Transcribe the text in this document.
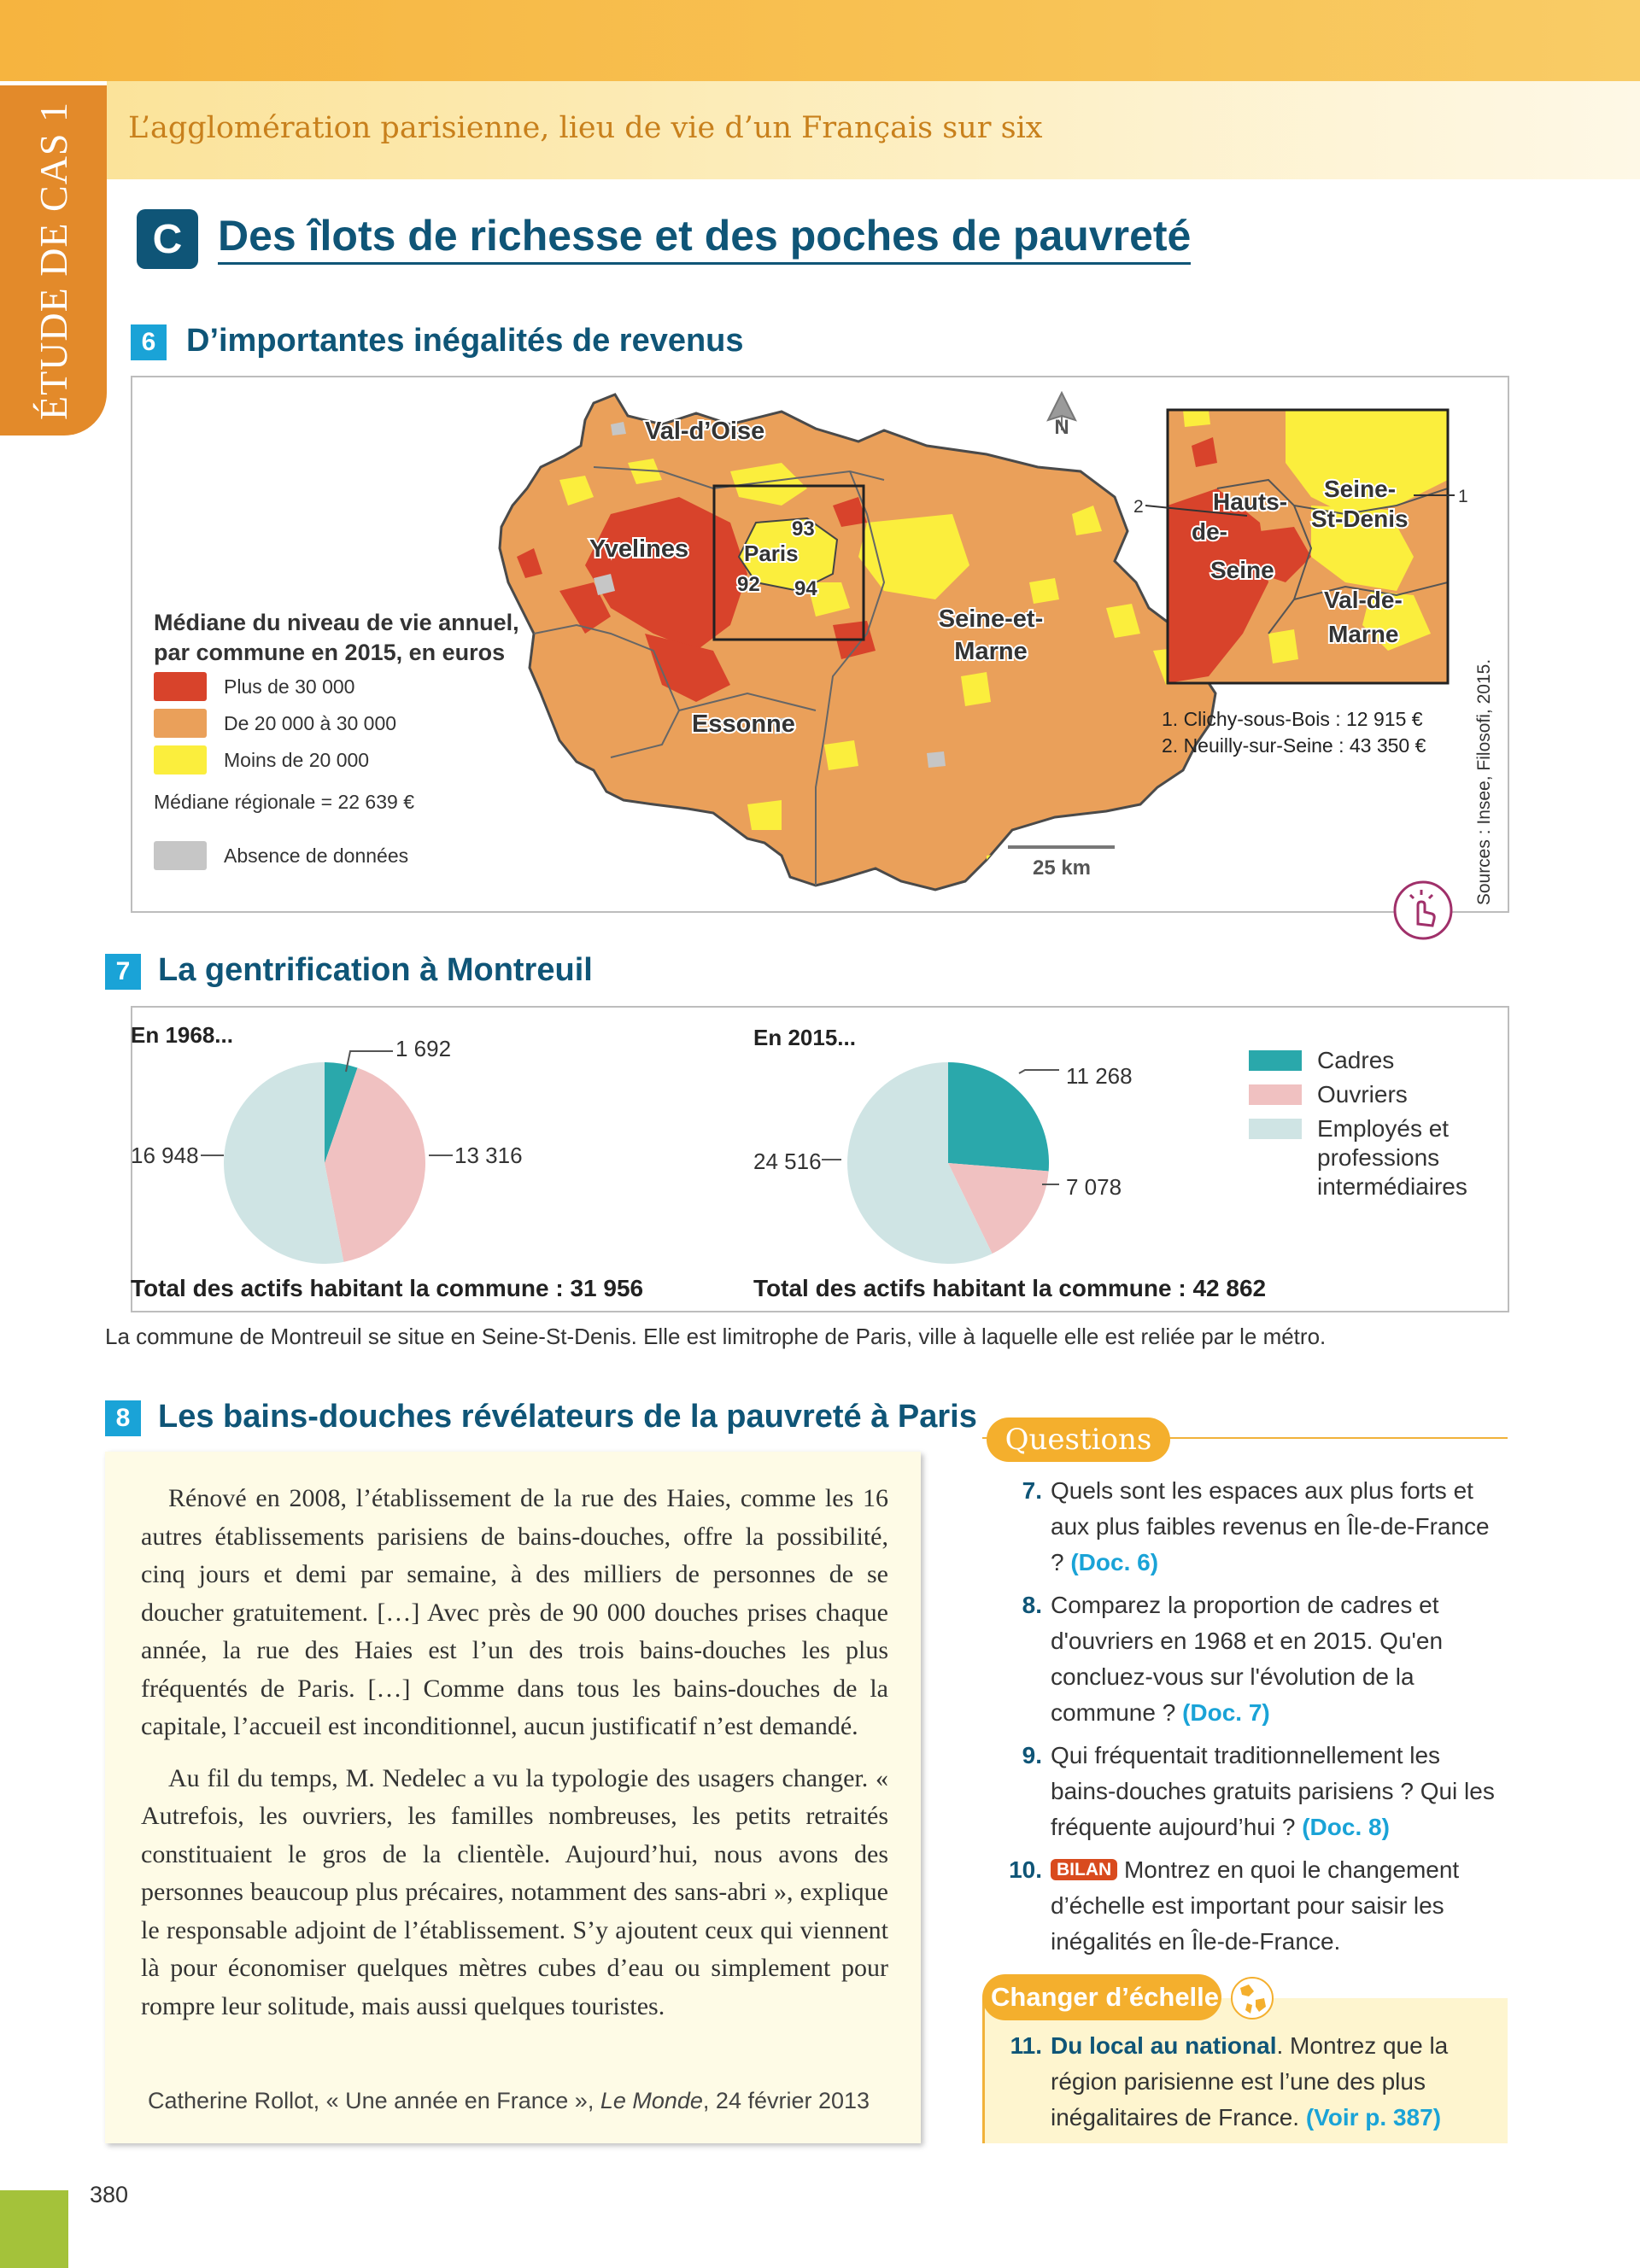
ÉTUDE DE CAS 1 L’agglomération parisienne, lieu de vie d’un Français sur six
C Des îlots de richesse et des poches de pauvreté
6 D’importantes inégalités de revenus
Val-d’Oise
Yvelines Paris
93
92 94
Seine-et-
Marne
Essonne
N
25 km
Hauts-
de-
Seine
Seine-
St-Denis
Val-de-
Marne
2
1
Médiane du niveau de vie annuel,
par commune en 2015, en euros
Plus de 30 000
De 20 000 à 30 000
Moins de 20 000
Médiane régionale = 22 639 €
Absence de données
1. Clichy-sous-Bois : 12 915 €
2. Neuilly-sur-Seine : 43 350 €	Sources : Insee, Filosofi, 2015.
7 La gentrification à Montreuil
En 1968...	En 2015...
1 692
13 316
16 948
11 268
7 078
24 516
Total des actifs habitant la commune : 31 956	Total des actifs habitant la commune : 42 862
Cadres
Ouvriers
Employés et professions intermédiaires
La commune de Montreuil se situe en Seine-St-Denis. Elle est limitrophe de Paris, ville à laquelle elle est reliée par le métro.
8 Les bains-douches révélateurs de la pauvreté à Paris

Rénové en 2008, l’établissement de la rue des Haies, comme les 16 autres établissements parisiens de bains-douches, offre la possibilité, cinq jours et demi par semaine, à des milliers de personnes de se doucher gratuitement. […] Avec près de 90 000 douches prises chaque année, la rue des Haies est l’un des trois bains-douches les plus fréquentés de Paris. […] Comme dans tous les bains-douches de la capitale, l’accueil est inconditionnel, aucun justificatif n’est demandé.

Au fil du temps, M. Nedelec a vu la typologie des usagers changer. « Autrefois, les ouvriers, les familles nombreuses, les petits retraités constituaient le gros de la clientèle. Aujourd’hui, nous avons des personnes beaucoup plus précaires, notamment des sans-abri », explique le responsable adjoint de l’établissement. S’y ajoutent ceux qui viennent là pour économiser quelques mètres cubes d’eau ou simplement pour rompre leur solitude, mais aussi quelques touristes.

Catherine Rollot, « Une année en France », Le Monde, 24 février 2013
Questions
7. Quels sont les espaces aux plus forts et aux plus faibles revenus en Île-de-France ? (Doc. 6)
8. Comparez la proportion de cadres et d'ouvriers en 1968 et en 2015. Qu'en concluez-vous sur l'évolution de la commune ? (Doc. 7)
9. Qui fréquentait traditionnellement les bains-douches gratuits parisiens ? Qui les fréquente aujourd’hui ? (Doc. 8)
10. BILAN Montrez en quoi le changement d’échelle est important pour saisir les inégalités en Île-de-France.
Changer d’échelle
11. Du local au national. Montrez que la région parisienne est l’une des plus inégalitaires de France. (Voir p. 387)
380
